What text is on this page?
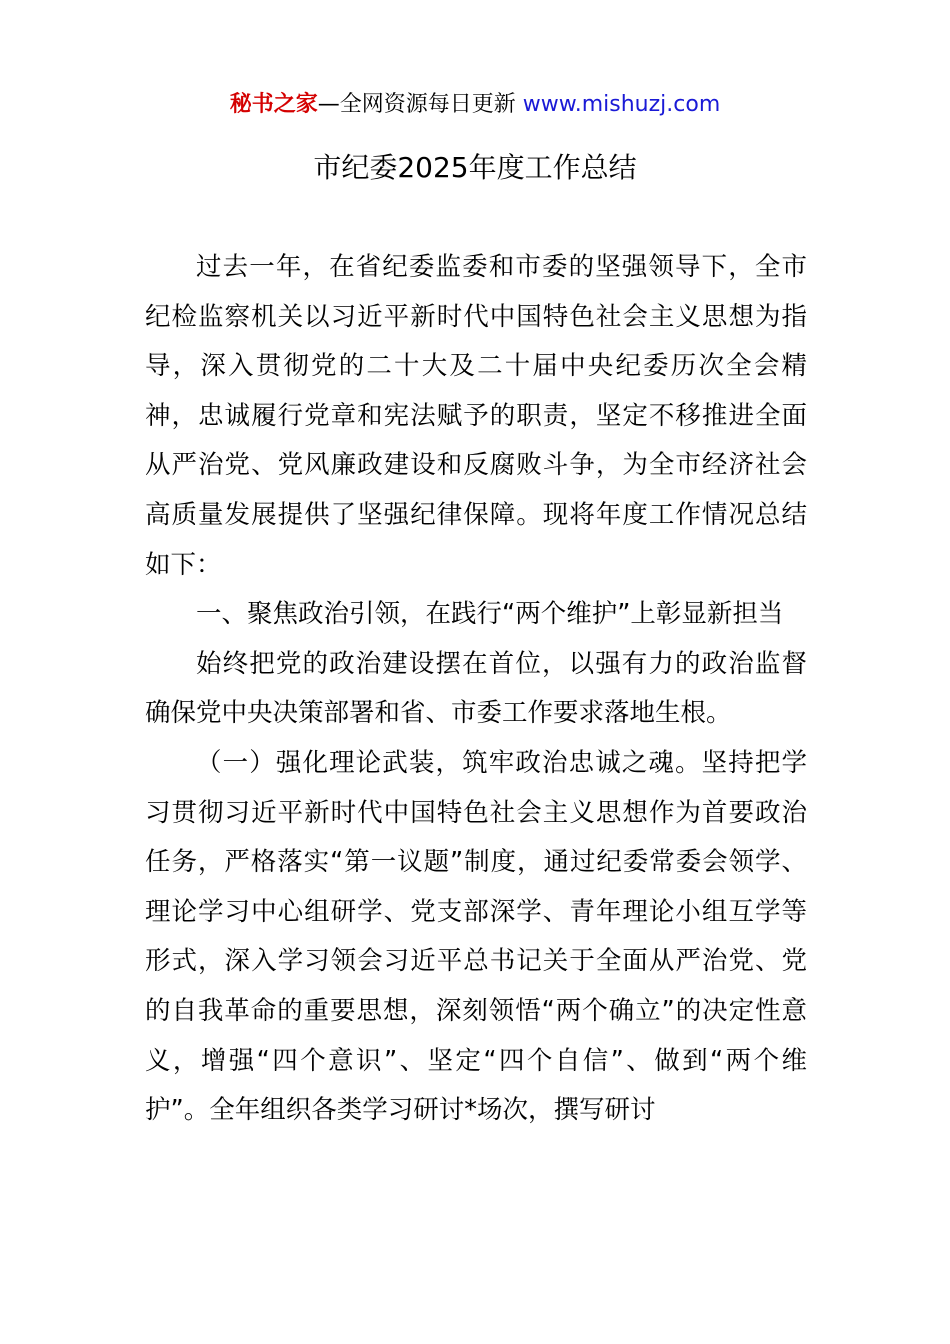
秘书之家—全网资源每日更新 www.mishuzj.com
市纪委2025年度工作总结

过去一年，在省纪委监委和市委的坚强领导下，全市纪检监察机关以习近平新时代中国特色社会主义思想为指导，深入贯彻党的二十大及二十届中央纪委历次全会精神，忠诚履行党章和宪法赋予的职责，坚定不移推进全面从严治党、党风廉政建设和反腐败斗争，为全市经济社会高质量发展提供了坚强纪律保障。现将年度工作情况总结如下：

一、聚焦政治引领，在践行“两个维护”上彰显新担当

始终把党的政治建设摆在首位，以强有力的政治监督确保党中央决策部署和省、市委工作要求落地生根。

（一）强化理论武装，筑牢政治忠诚之魂。坚持把学习贯彻习近平新时代中国特色社会主义思想作为首要政治任务，严格落实“第一议题”制度，通过纪委常委会领学、理论学习中心组研学、党支部深学、青年理论小组互学等形式，深入学习领会习近平总书记关于全面从严治党、党的自我革命的重要思想，深刻领悟“两个确立”的决定性意义，增强“四个意识”、坚定“四个自信”、做到“两个维护”。全年组织各类学习研讨*场次，撰写研讨
